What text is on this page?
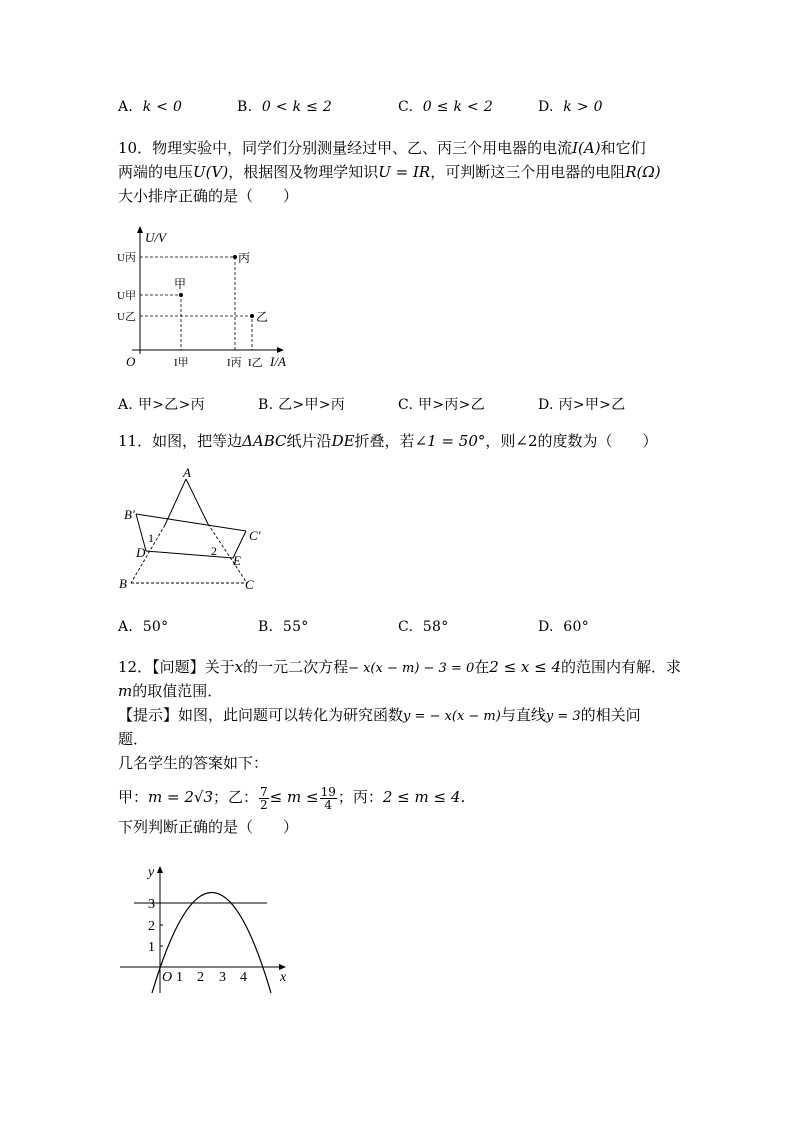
A. k < 0	B. 0 < k ≤ 2	C. 0 ≤ k < 2	D. k > 0
10．物理实验中，同学们分别测量经过甲、乙、丙三个用电器的电流I(A)和它们
两端的电压U(V)，根据图及物理学知识U = IR，可判断这三个用电器的电阻R(Ω)
大小排序正确的是（　　）
U/V
I/A
O
U丙
U甲
U乙
I甲	I丙 I乙
丙
甲
乙
A. 甲>乙>丙	B. 乙>甲>丙	C. 甲>丙>乙	D. 丙>甲>乙
11．如图，把等边ΔABC纸片沿DE折叠，若∠1 = 50°，则∠2的度数为（　　）
A
B′
C′
D
E
B	C
1
2
A. 50°	B. 55°	C. 58°	D. 60°
12．【问题】关于x的一元二次方程− x(x − m) − 3 = 0在2 ≤ x ≤ 4的范围内有解．求
m的取值范围．
【提示】如图，此问题可以转化为研究函数y = − x(x − m)与直线y = 3的相关问
题．
几名学生的答案如下：
甲：m = 2√3；乙： $\frac{7}{2} \le m \le \frac{19}{4}$ ；丙：2 ≤ m ≤ 4．
下列判断正确的是（　　）
y
x
O
3
2
1
1 2 3 4
